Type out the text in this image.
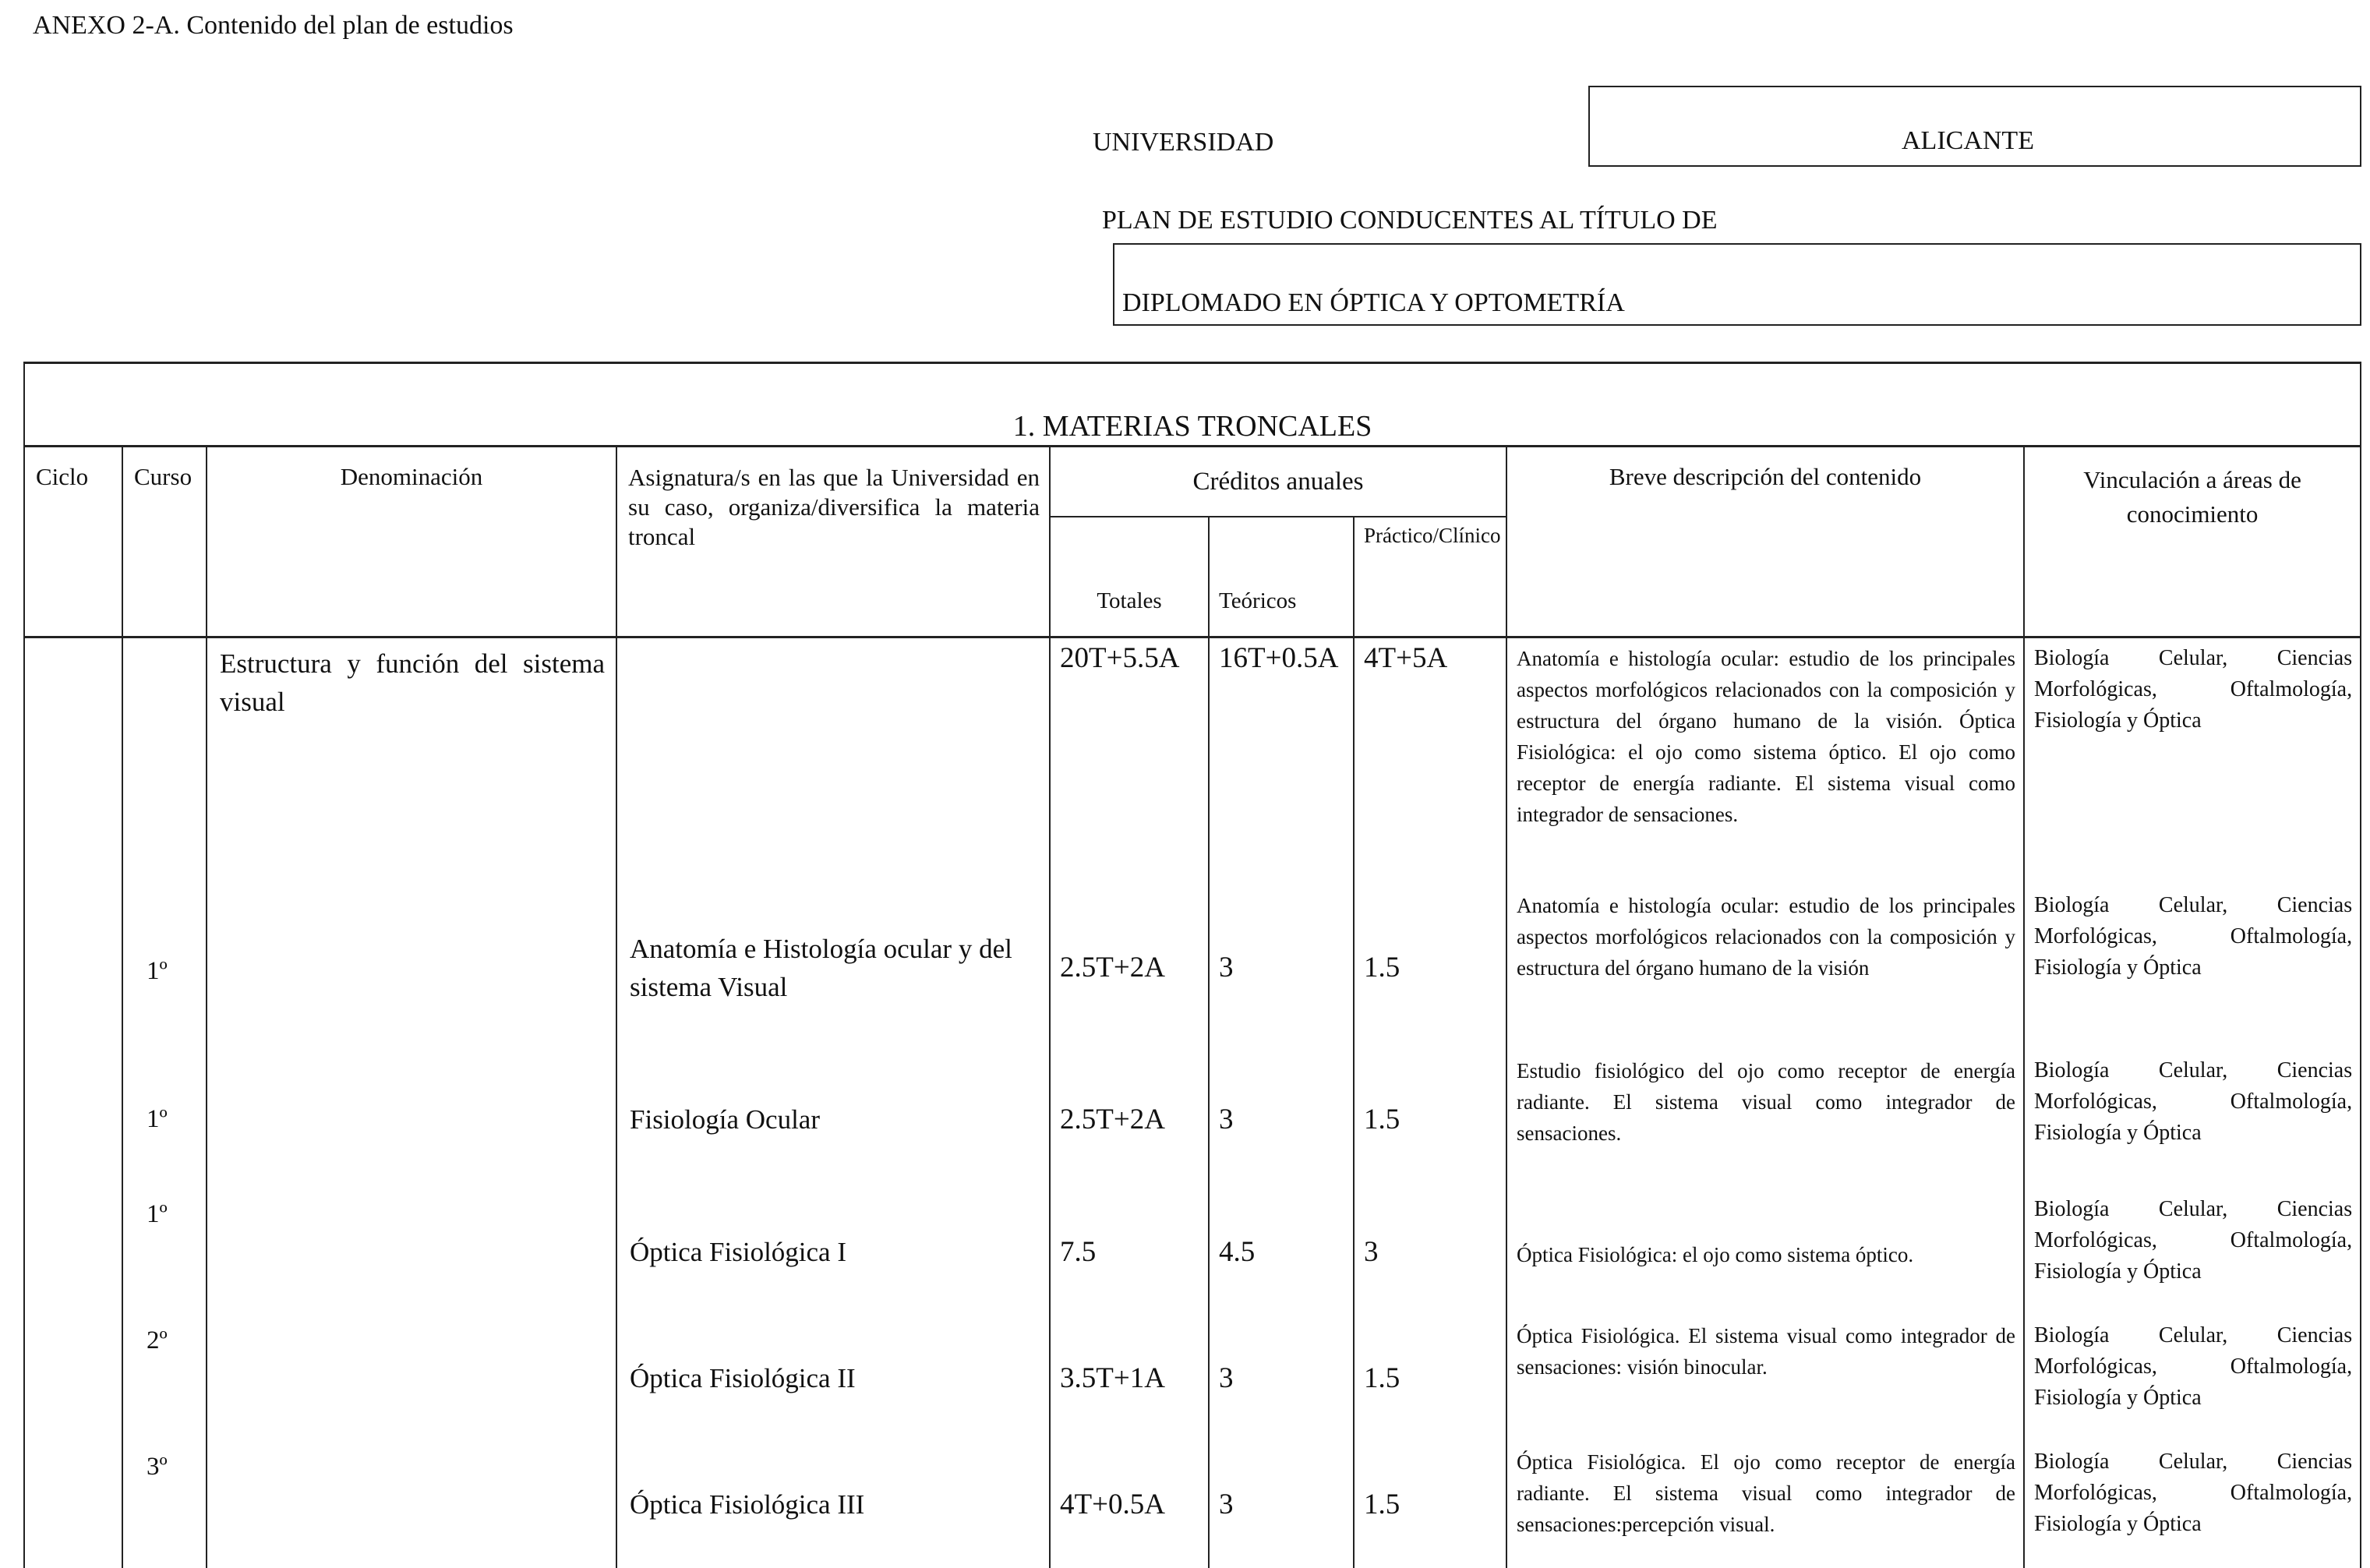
ANEXO 2-A. Contenido del plan de estudios
UNIVERSIDAD	ALICANTE
PLAN DE ESTUDIO CONDUCENTES AL TÍTULO DE
DIPLOMADO EN ÓPTICA Y OPTOMETRÍA
1. MATERIAS TRONCALES								
Ciclo	Curso	Denominación	Asignatura/s en las que la Universidad en su caso, organiza/diversifica la materia troncal	Créditos anuales			Breve descripción del contenido	Vinculación a áreas de conocimiento
				Totales	Teóricos	Práctico/Clínico		
		Estructura y función del sistema visual		20T+5.5A	16T+0.5A	4T+5A	Anatomía e histología ocular: estudio de los principales aspectos morfológicos relacionados con la composición y estructura del órgano humano de la visión. Óptica Fisiológica: el ojo como sistema óptico. El ojo como receptor de energía radiante. El sistema visual como integrador de sensaciones.	Biología Celular, Ciencias Morfológicas, Oftalmología, Fisiología y Óptica
	1º		Anatomía e Histología ocular y del sistema Visual	2.5T+2A	3	1.5	Anatomía e histología ocular: estudio de los principales aspectos morfológicos relacionados con la composición y estructura del órgano humano de la visión	Biología Celular, Ciencias Morfológicas, Oftalmología, Fisiología y Óptica
	1º		Fisiología Ocular	2.5T+2A	3	1.5	Estudio fisiológico del ojo como receptor de energía radiante. El sistema visual como integrador de sensaciones.	Biología Celular, Ciencias Morfológicas, Oftalmología, Fisiología y Óptica
	1º		Óptica Fisiológica I	7.5	4.5	3	Óptica Fisiológica: el ojo como sistema óptico.	Biología Celular, Ciencias Morfológicas, Oftalmología, Fisiología y Óptica
	2º		Óptica Fisiológica II	3.5T+1A	3	1.5	Óptica Fisiológica. El sistema visual como integrador de sensaciones: visión binocular.	Biología Celular, Ciencias Morfológicas, Oftalmología, Fisiología y Óptica
	3º		Óptica Fisiológica III	4T+0.5A	3	1.5	Óptica Fisiológica. El ojo como receptor de energía radiante. El sistema visual como integrador de sensaciones:percepción visual.	Biología Celular, Ciencias Morfológicas, Oftalmología, Fisiología y Óptica
